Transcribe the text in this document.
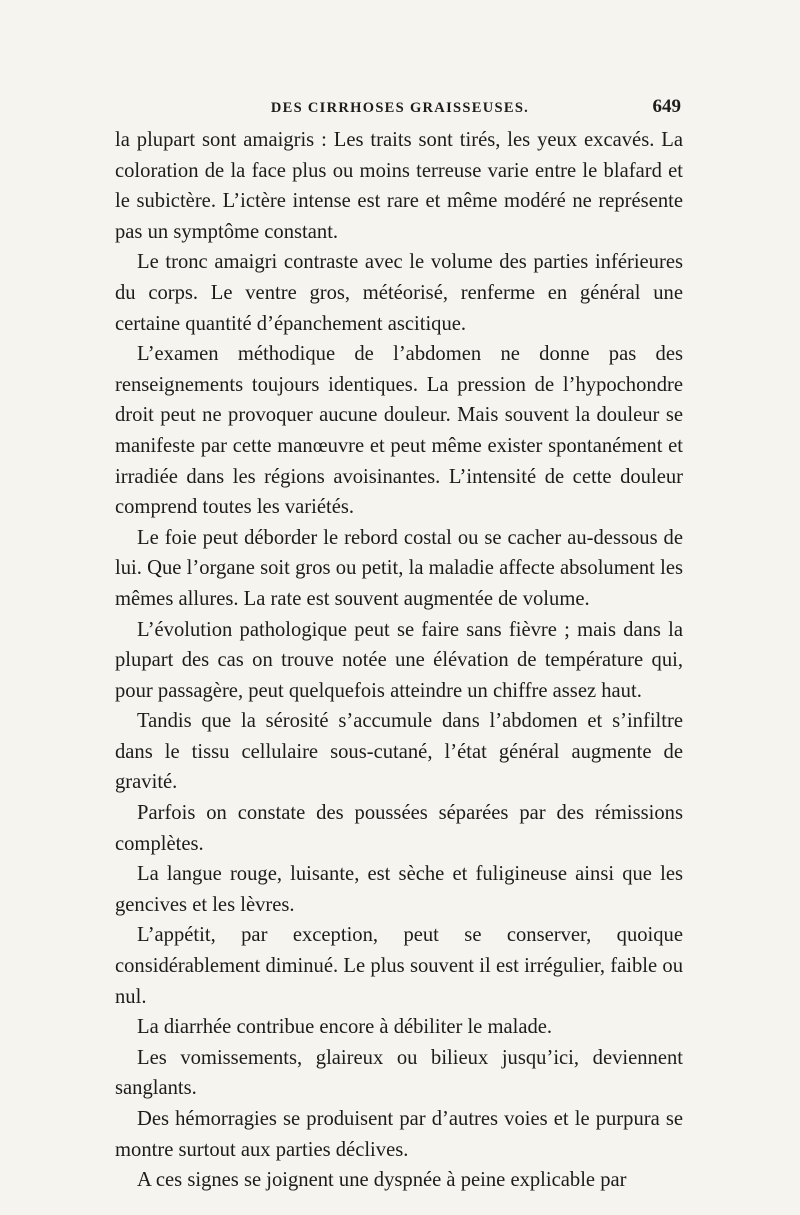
DES CIRRHOSES GRAISSEUSES.	649

la plupart sont amaigris : Les traits sont tirés, les yeux excavés. La coloration de la face plus ou moins terreuse varie entre le blafard et le subictère. L’ictère intense est rare et même modéré ne représente pas un symptôme constant.

Le tronc amaigri contraste avec le volume des parties inférieures du corps. Le ventre gros, météorisé, renferme en général une certaine quantité d’épanchement ascitique.

L’examen méthodique de l’abdomen ne donne pas des renseignements toujours identiques. La pression de l’hypochondre droit peut ne provoquer aucune douleur. Mais souvent la douleur se manifeste par cette manœuvre et peut même exister spontanément et irradiée dans les régions avoisinantes. L’intensité de cette douleur comprend toutes les variétés.

Le foie peut déborder le rebord costal ou se cacher au-dessous de lui. Que l’organe soit gros ou petit, la maladie affecte absolument les mêmes allures. La rate est souvent augmentée de volume.

L’évolution pathologique peut se faire sans fièvre ; mais dans la plupart des cas on trouve notée une élévation de température qui, pour passagère, peut quelquefois atteindre un chiffre assez haut.

Tandis que la sérosité s’accumule dans l’abdomen et s’infiltre dans le tissu cellulaire sous-cutané, l’état général augmente de gravité.

Parfois on constate des poussées séparées par des rémissions complètes.

La langue rouge, luisante, est sèche et fuligineuse ainsi que les gencives et les lèvres.

L’appétit, par exception, peut se conserver, quoique considérablement diminué. Le plus souvent il est irrégulier, faible ou nul.

La diarrhée contribue encore à débiliter le malade.

Les vomissements, glaireux ou bilieux jusqu’ici, deviennent sanglants.

Des hémorragies se produisent par d’autres voies et le purpura se montre surtout aux parties déclives.

A ces signes se joignent une dyspnée à peine explicable par
